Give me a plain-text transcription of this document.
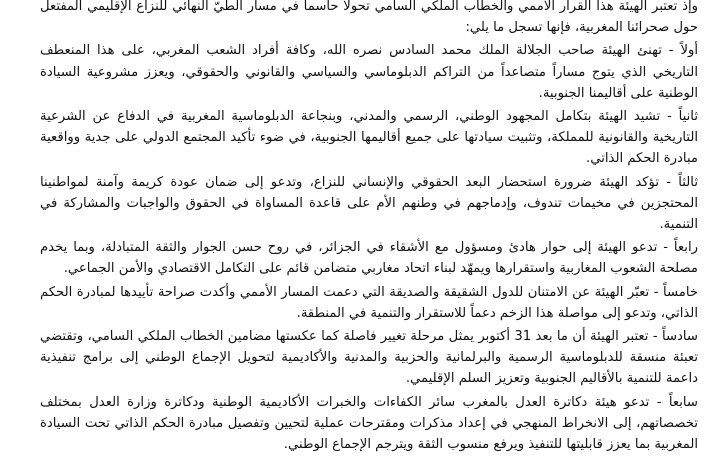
وإذ تعتبر الهيئة هذا القرار الأممي والخطاب الملكي السامي تحولاً حاسماً في مسار الطيّ النهائي للنزاع الإقليمي المفتعل حول صحرائنا المغربية، فإنها تسجل ما يلي:

أولاً - تهنئ الهيئة صاحب الجلالة الملك محمد السادس نصره الله، وكافة أفراد الشعب المغربي، على هذا المنعطف التاريخي الذي يتوج مساراً متصاعداً من التراكم الدبلوماسي والسياسي والقانوني والحقوقي، ويعزز مشروعية السيادة الوطنية على أقاليمنا الجنوبية.

ثانياً - تشيد الهيئة بتكامل المجهود الوطني، الرسمي والمدني، وبنجاعة الدبلوماسية المغربية في الدفاع عن الشرعية التاريخية والقانونية للمملكة، وتثبيت سيادتها على جميع أقاليمها الجنوبية، في ضوء تأكيد المجتمع الدولي على جدية وواقعية مبادرة الحكم الذاتي.

ثالثاً - تؤكد الهيئة ضرورة استحضار البعد الحقوقي والإنساني للنزاع، وتدعو إلى ضمان عودة كريمة وآمنة لمواطنينا المحتجزين في مخيمات تندوف، وإدماجهم في وطنهم الأم على قاعدة المساواة في الحقوق والواجبات والمشاركة في التنمية.

رابعاً - تدعو الهيئة إلى حوار هادئ ومسؤول مع الأشقاء في الجزائر، في روح حسن الجوار والثقة المتبادلة، وبما يخدم مصلحة الشعوب المغاربية واستقرارها ويمهّد لبناء اتحاد مغاربي متضامن قائم على التكامل الاقتصادي والأمن الجماعي.

خامساً - تعبّر الهيئة عن الامتنان للدول الشقيقة والصديقة التي دعمت المسار الأممي وأكدت صراحة تأييدها لمبادرة الحكم الذاتي، وتدعو إلى مواصلة هذا الزخم دعماً للاستقرار والتنمية في المنطقة.

سادساً - تعتبر الهيئة أن ما بعد 31 أكتوبر يمثل مرحلة تغيير فاصلة كما عكستها مضامين الخطاب الملكي السامي، وتقتضي تعبئة منسقة للدبلوماسية الرسمية والبرلمانية والحزبية والمدنية والأكاديمية لتحويل الإجماع الوطني إلى برامج تنفيذية داعمة للتنمية بالأقاليم الجنوبية وتعزيز السلم الإقليمي.

سابعاً - تدعو هيئة دكاترة العدل بالمغرب سائر الكفاءات والخبرات الأكاديمية الوطنية ودكاترة وزارة العدل بمختلف تخصصاتهم، إلى الانخراط المنهجي في إعداد مذكرات ومقترحات عملية لتحيين وتفصيل مبادرة الحكم الذاتي تحت السيادة المغربية بما يعزز قابليتها للتنفيذ ويرفع منسوب الثقة ويترجم الإجماع الوطني.
